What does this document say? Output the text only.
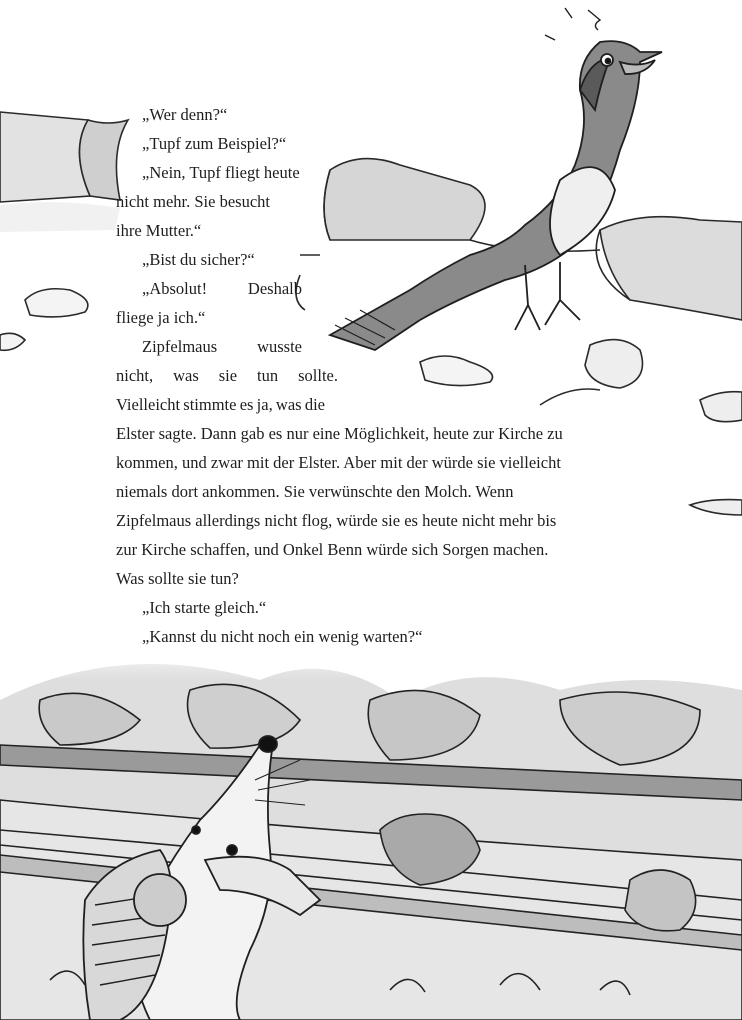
„Wer denn?“
„Tupf zum Beispiel?“
„Nein, Tupf fliegt heute
nicht mehr. Sie besucht
ihre Mutter.“
„Bist du sicher?“
„Absolut! Deshalb
fliege ja ich.“
Zipfelmaus wusste
nicht, was sie tun sollte.
Vielleicht stimmte es ja, was die
Elster sagte. Dann gab es nur eine Möglichkeit, heute zur Kirche zu
kommen, und zwar mit der Elster. Aber mit der würde sie vielleicht
niemals dort ankommen. Sie verwünschte den Molch. Wenn
Zipfelmaus allerdings nicht flog, würde sie es heute nicht mehr bis
zur Kirche schaffen, und Onkel Benn würde sich Sorgen machen.
Was sollte sie tun?
„Ich starte gleich.“
„Kannst du nicht noch ein wenig warten?“
